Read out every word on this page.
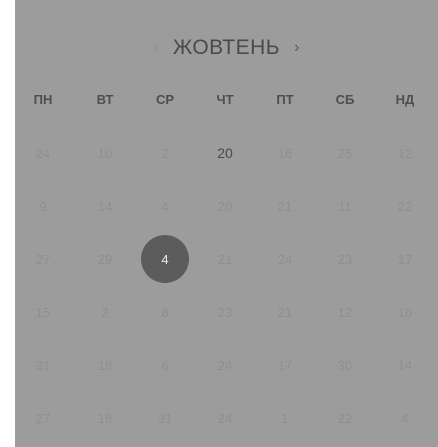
‹ ЖОВТЕНЬ ›
ПН	ВТ	СР	ЧТ	ПТ	СБ	НД
24	10	2	20	16	25	12
9	14	4	20	21	11	22
27	29	4	21	24	23	17
15	2	8	23	21	12	16
31	18	6	24	17	30	14
27	18	31	24	1	22	4
